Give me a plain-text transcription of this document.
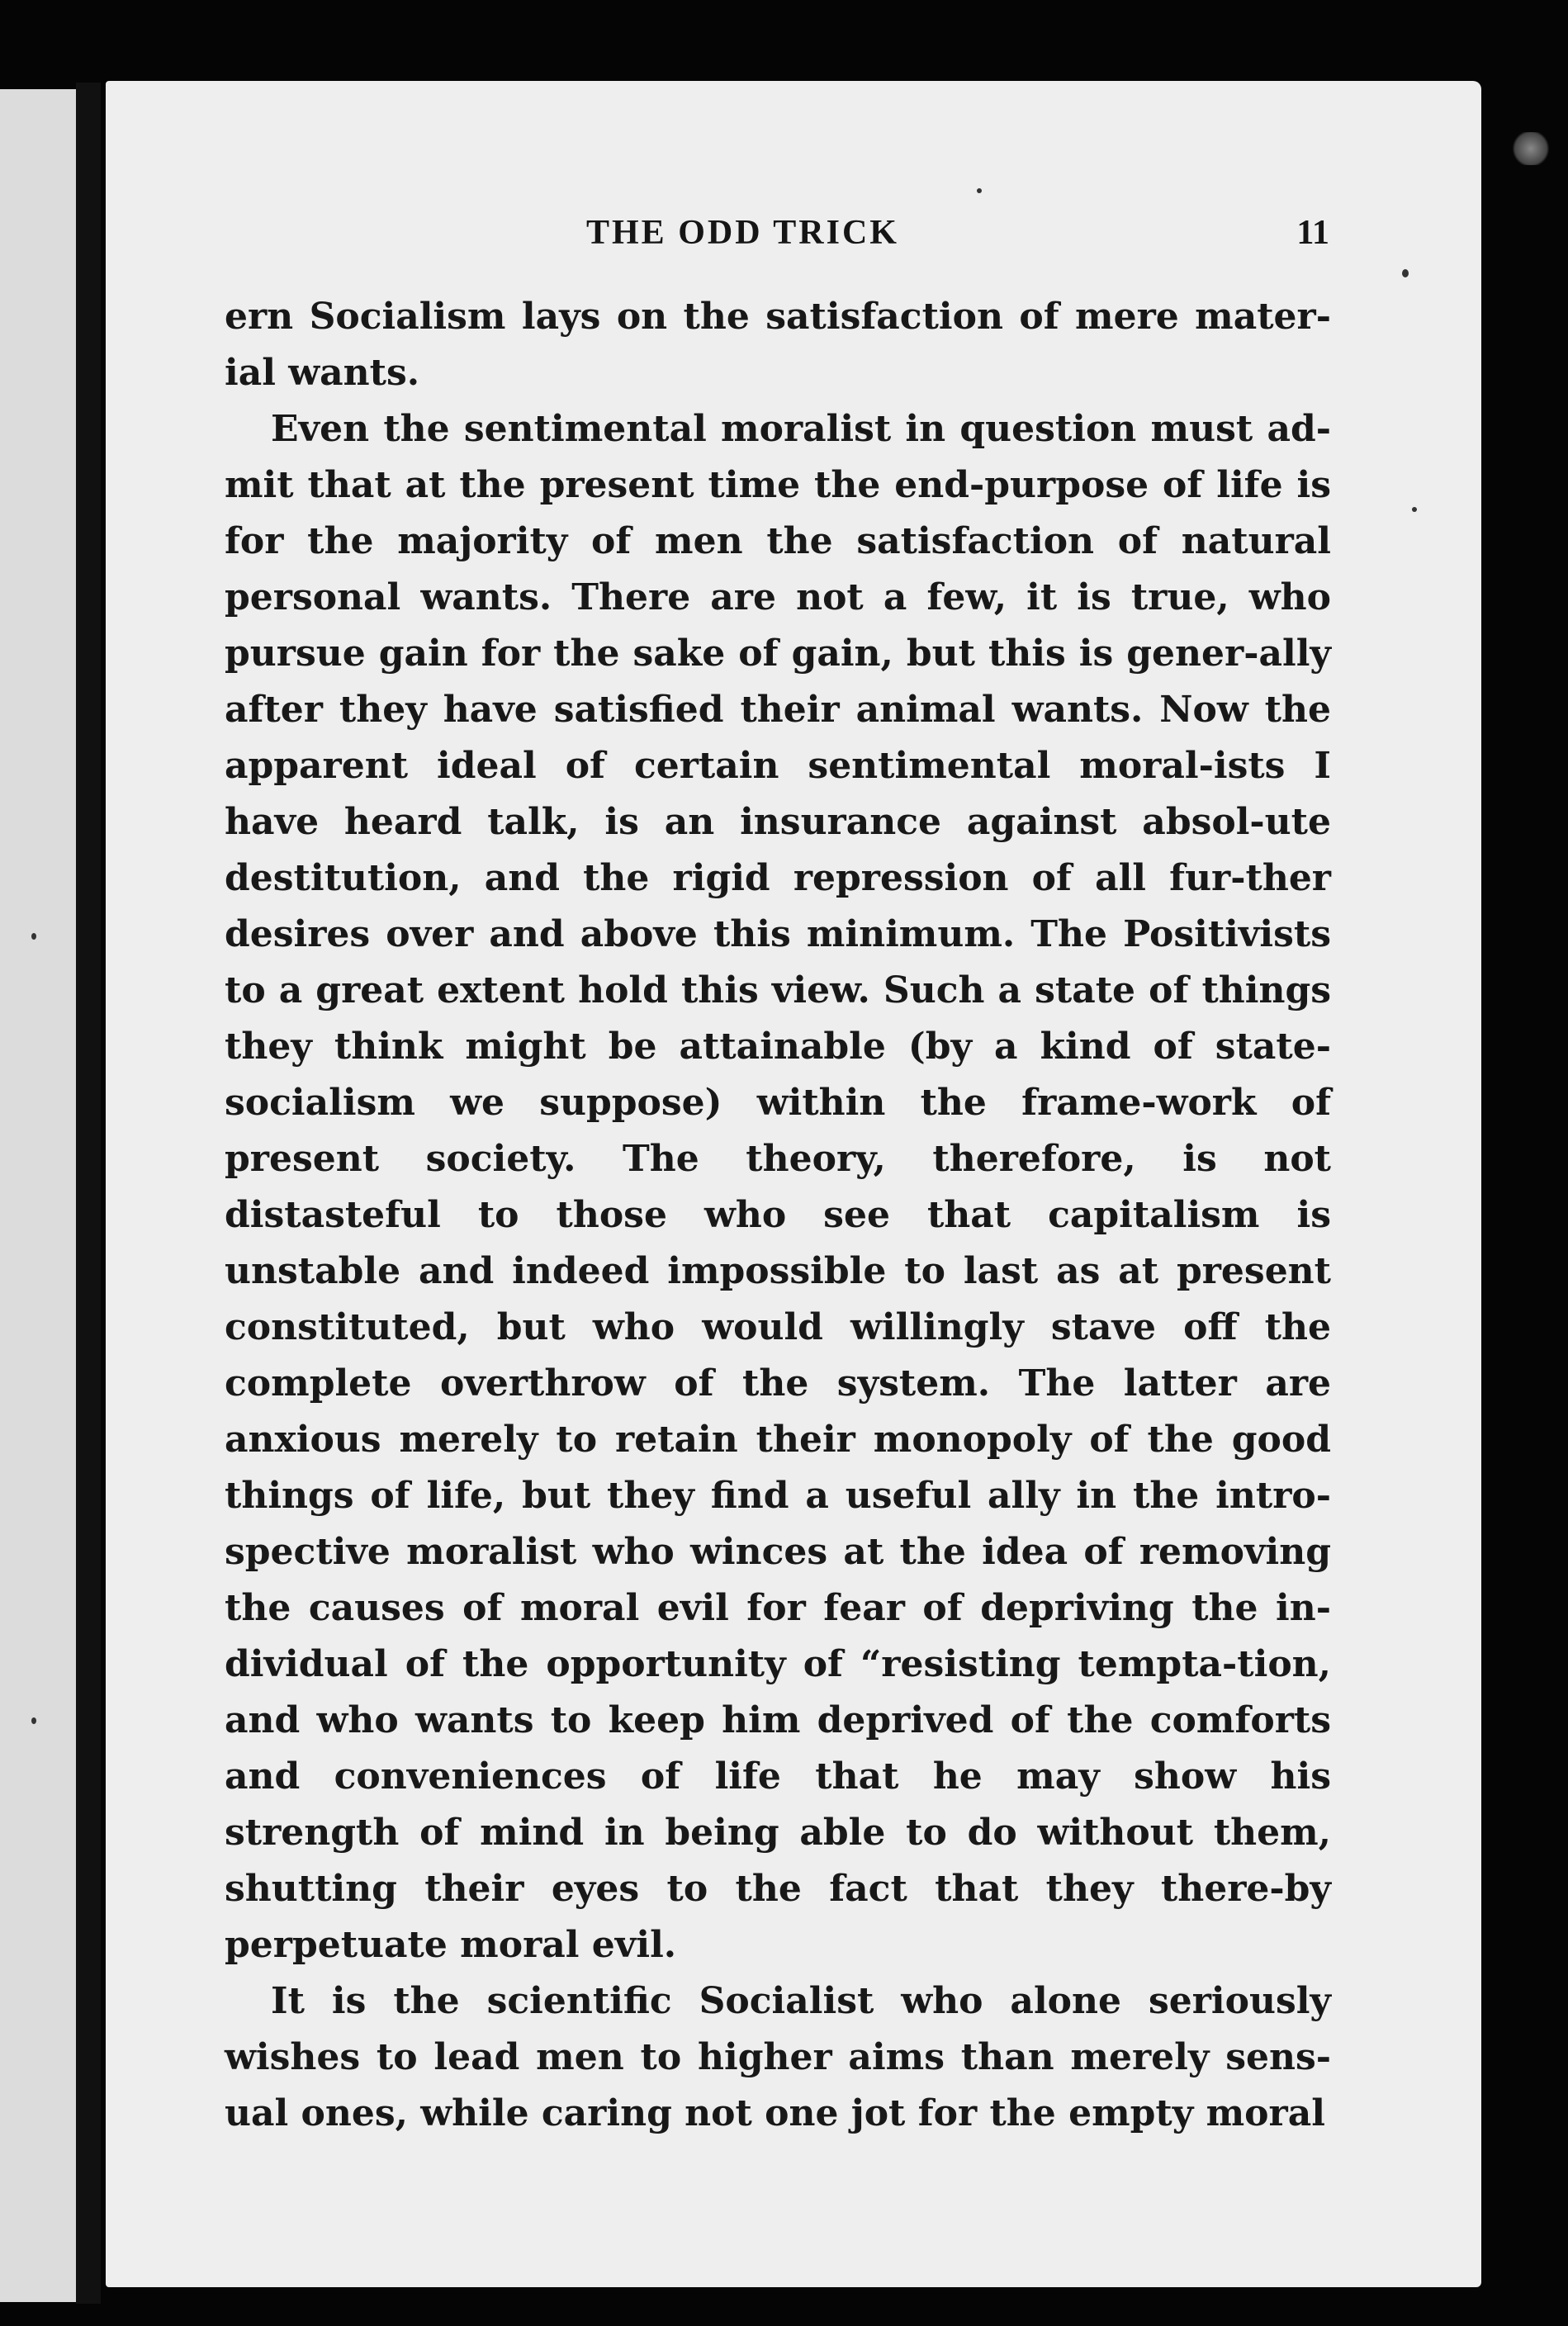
THE ODD TRICK	11

ern Socialism lays on the satisfaction of mere mater-ial wants.

Even the sentimental moralist in question must ad-mit that at the present time the end-purpose of life is for the majority of men the satisfaction of natural personal wants. There are not a few, it is true, who pursue gain for the sake of gain, but this is gener-ally after they have satisfied their animal wants. Now the apparent ideal of certain sentimental moral-ists I have heard talk, is an insurance against absol-ute destitution, and the rigid repression of all fur-ther desires over and above this minimum. The Positivists to a great extent hold this view. Such a state of things they think might be attainable (by a kind of state-socialism we suppose) within the frame-work of present society. The theory, therefore, is not distasteful to those who see that capitalism is unstable and indeed impossible to last as at present constituted, but who would willingly stave off the complete overthrow of the system. The latter are anxious merely to retain their monopoly of the good things of life, but they find a useful ally in the intro-spective moralist who winces at the idea of removing the causes of moral evil for fear of depriving the in-dividual of the opportunity of “resisting tempta-tion, and who wants to keep him deprived of the comforts and conveniences of life that he may show his strength of mind in being able to do without them, shutting their eyes to the fact that they there-by perpetuate moral evil.

It is the scientific Socialist who alone seriously wishes to lead men to higher aims than merely sens-ual ones, while caring not one jot for the empty moral
